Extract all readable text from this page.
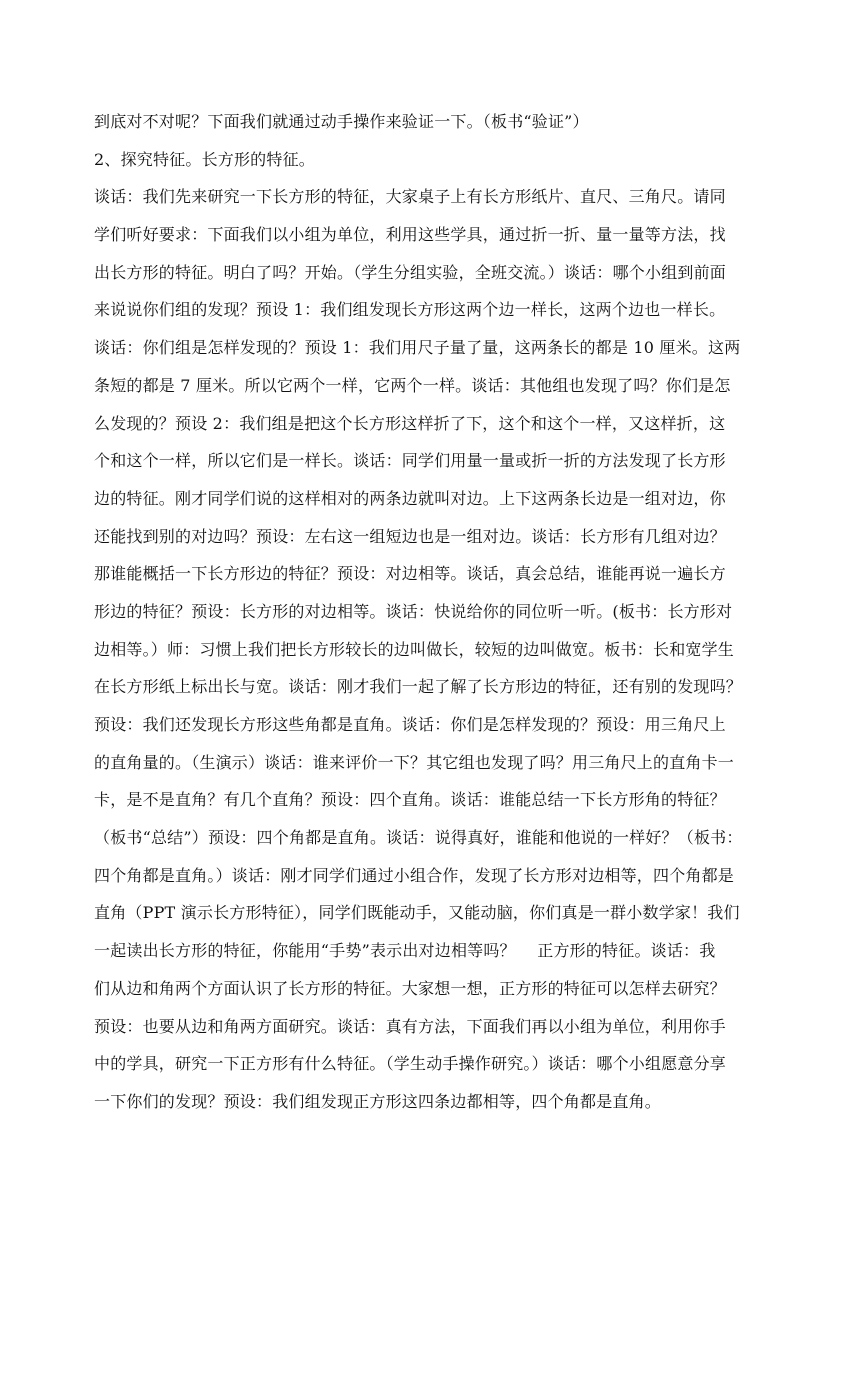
到底对不对呢？下面我们就通过动手操作来验证一下。（板书“验证”）
2、探究特征。长方形的特征。
谈话：我们先来研究一下长方形的特征，大家桌子上有长方形纸片、直尺、三角尺。请同
学们听好要求：下面我们以小组为单位，利用这些学具，通过折一折、量一量等方法，找
出长方形的特征。明白了吗？开始。（学生分组实验，全班交流。）谈话：哪个小组到前面
来说说你们组的发现？预设 1：我们组发现长方形这两个边一样长，这两个边也一样长。
谈话：你们组是怎样发现的？预设 1：我们用尺子量了量，这两条长的都是 10 厘米。这两
条短的都是 7 厘米。所以它两个一样，它两个一样。谈话：其他组也发现了吗？你们是怎
么发现的？预设 2：我们组是把这个长方形这样折了下，这个和这个一样，又这样折，这
个和这个一样，所以它们是一样长。谈话：同学们用量一量或折一折的方法发现了长方形
边的特征。刚才同学们说的这样相对的两条边就叫对边。上下这两条长边是一组对边，你
还能找到别的对边吗？预设：左右这一组短边也是一组对边。谈话：长方形有几组对边？
那谁能概括一下长方形边的特征？预设：对边相等。谈话，真会总结，谁能再说一遍长方
形边的特征？预设：长方形的对边相等。谈话：快说给你的同位听一听。(板书：长方形对
边相等。）师：习惯上我们把长方形较长的边叫做长，较短的边叫做宽。板书：长和宽学生
在长方形纸上标出长与宽。谈话：刚才我们一起了解了长方形边的特征，还有别的发现吗？
预设：我们还发现长方形这些角都是直角。谈话：你们是怎样发现的？预设：用三角尺上
的直角量的。（生演示）谈话：谁来评价一下？其它组也发现了吗？用三角尺上的直角卡一
卡，是不是直角？有几个直角？预设：四个直角。谈话：谁能总结一下长方形角的特征？
（板书“总结”）预设：四个角都是直角。谈话：说得真好，谁能和他说的一样好？（板书：
四个角都是直角。）谈话：刚才同学们通过小组合作，发现了长方形对边相等，四个角都是
直角（PPT 演示长方形特征），同学们既能动手，又能动脑，你们真是一群小数学家！我们
一起读出长方形的特征，你能用“手势”表示出对边相等吗？　 正方形的特征。谈话：我
们从边和角两个方面认识了长方形的特征。大家想一想，正方形的特征可以怎样去研究？
预设：也要从边和角两方面研究。谈话：真有方法，下面我们再以小组为单位，利用你手
中的学具，研究一下正方形有什么特征。（学生动手操作研究。）谈话：哪个小组愿意分享
一下你们的发现？预设：我们组发现正方形这四条边都相等，四个角都是直角。
